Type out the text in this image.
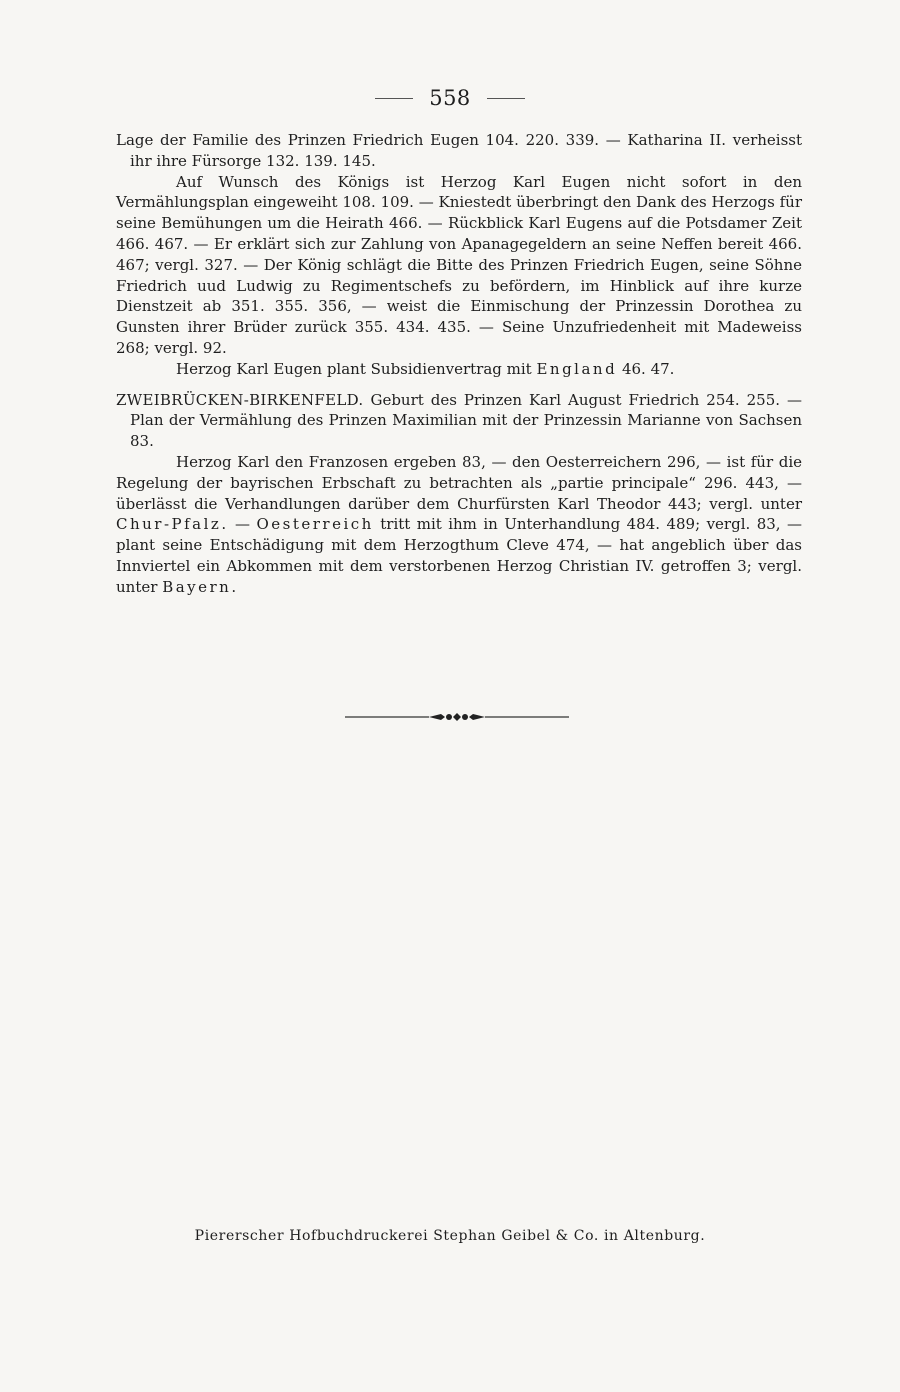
558

Lage der Familie des Prinzen Friedrich Eugen 104. 220. 339. — Katharina II. verheisst ihr ihre Fürsorge 132. 139. 145.

Auf Wunsch des Königs ist Herzog Karl Eugen nicht sofort in den Vermählungsplan eingeweiht 108. 109. — Kniestedt überbringt den Dank des Herzogs für seine Bemühungen um die Heirath 466. — Rückblick Karl Eugens auf die Potsdamer Zeit 466. 467. — Er erklärt sich zur Zahlung von Apanagegeldern an seine Neffen bereit 466. 467; vergl. 327. — Der König schlägt die Bitte des Prinzen Friedrich Eugen, seine Söhne Friedrich uud Ludwig zu Regimentschefs zu befördern, im Hinblick auf ihre kurze Dienstzeit ab 351. 355. 356, — weist die Einmischung der Prinzessin Dorothea zu Gunsten ihrer Brüder zurück 355. 434. 435. — Seine Unzufriedenheit mit Madeweiss 268; vergl. 92.

Herzog Karl Eugen plant Subsidienvertrag mit England 46. 47.

ZWEIBRÜCKEN-BIRKENFELD. Geburt des Prinzen Karl August Friedrich 254. 255. — Plan der Vermählung des Prinzen Maximilian mit der Prinzessin Marianne von Sachsen 83.

Herzog Karl den Franzosen ergeben 83, — den Oesterreichern 296, — ist für die Regelung der bayrischen Erbschaft zu betrachten als „partie principale“ 296. 443, — überlässt die Verhandlungen darüber dem Churfürsten Karl Theodor 443; vergl. unter Chur-Pfalz. — Oesterreich tritt mit ihm in Unterhandlung 484. 489; vergl. 83, — plant seine Entschädigung mit dem Herzogthum Cleve 474, — hat angeblich über das Innviertel ein Abkommen mit dem verstorbenen Herzog Christian IV. getroffen 3; vergl. unter Bayern.

Piererscher Hofbuchdruckerei Stephan Geibel & Co. in Altenburg.
